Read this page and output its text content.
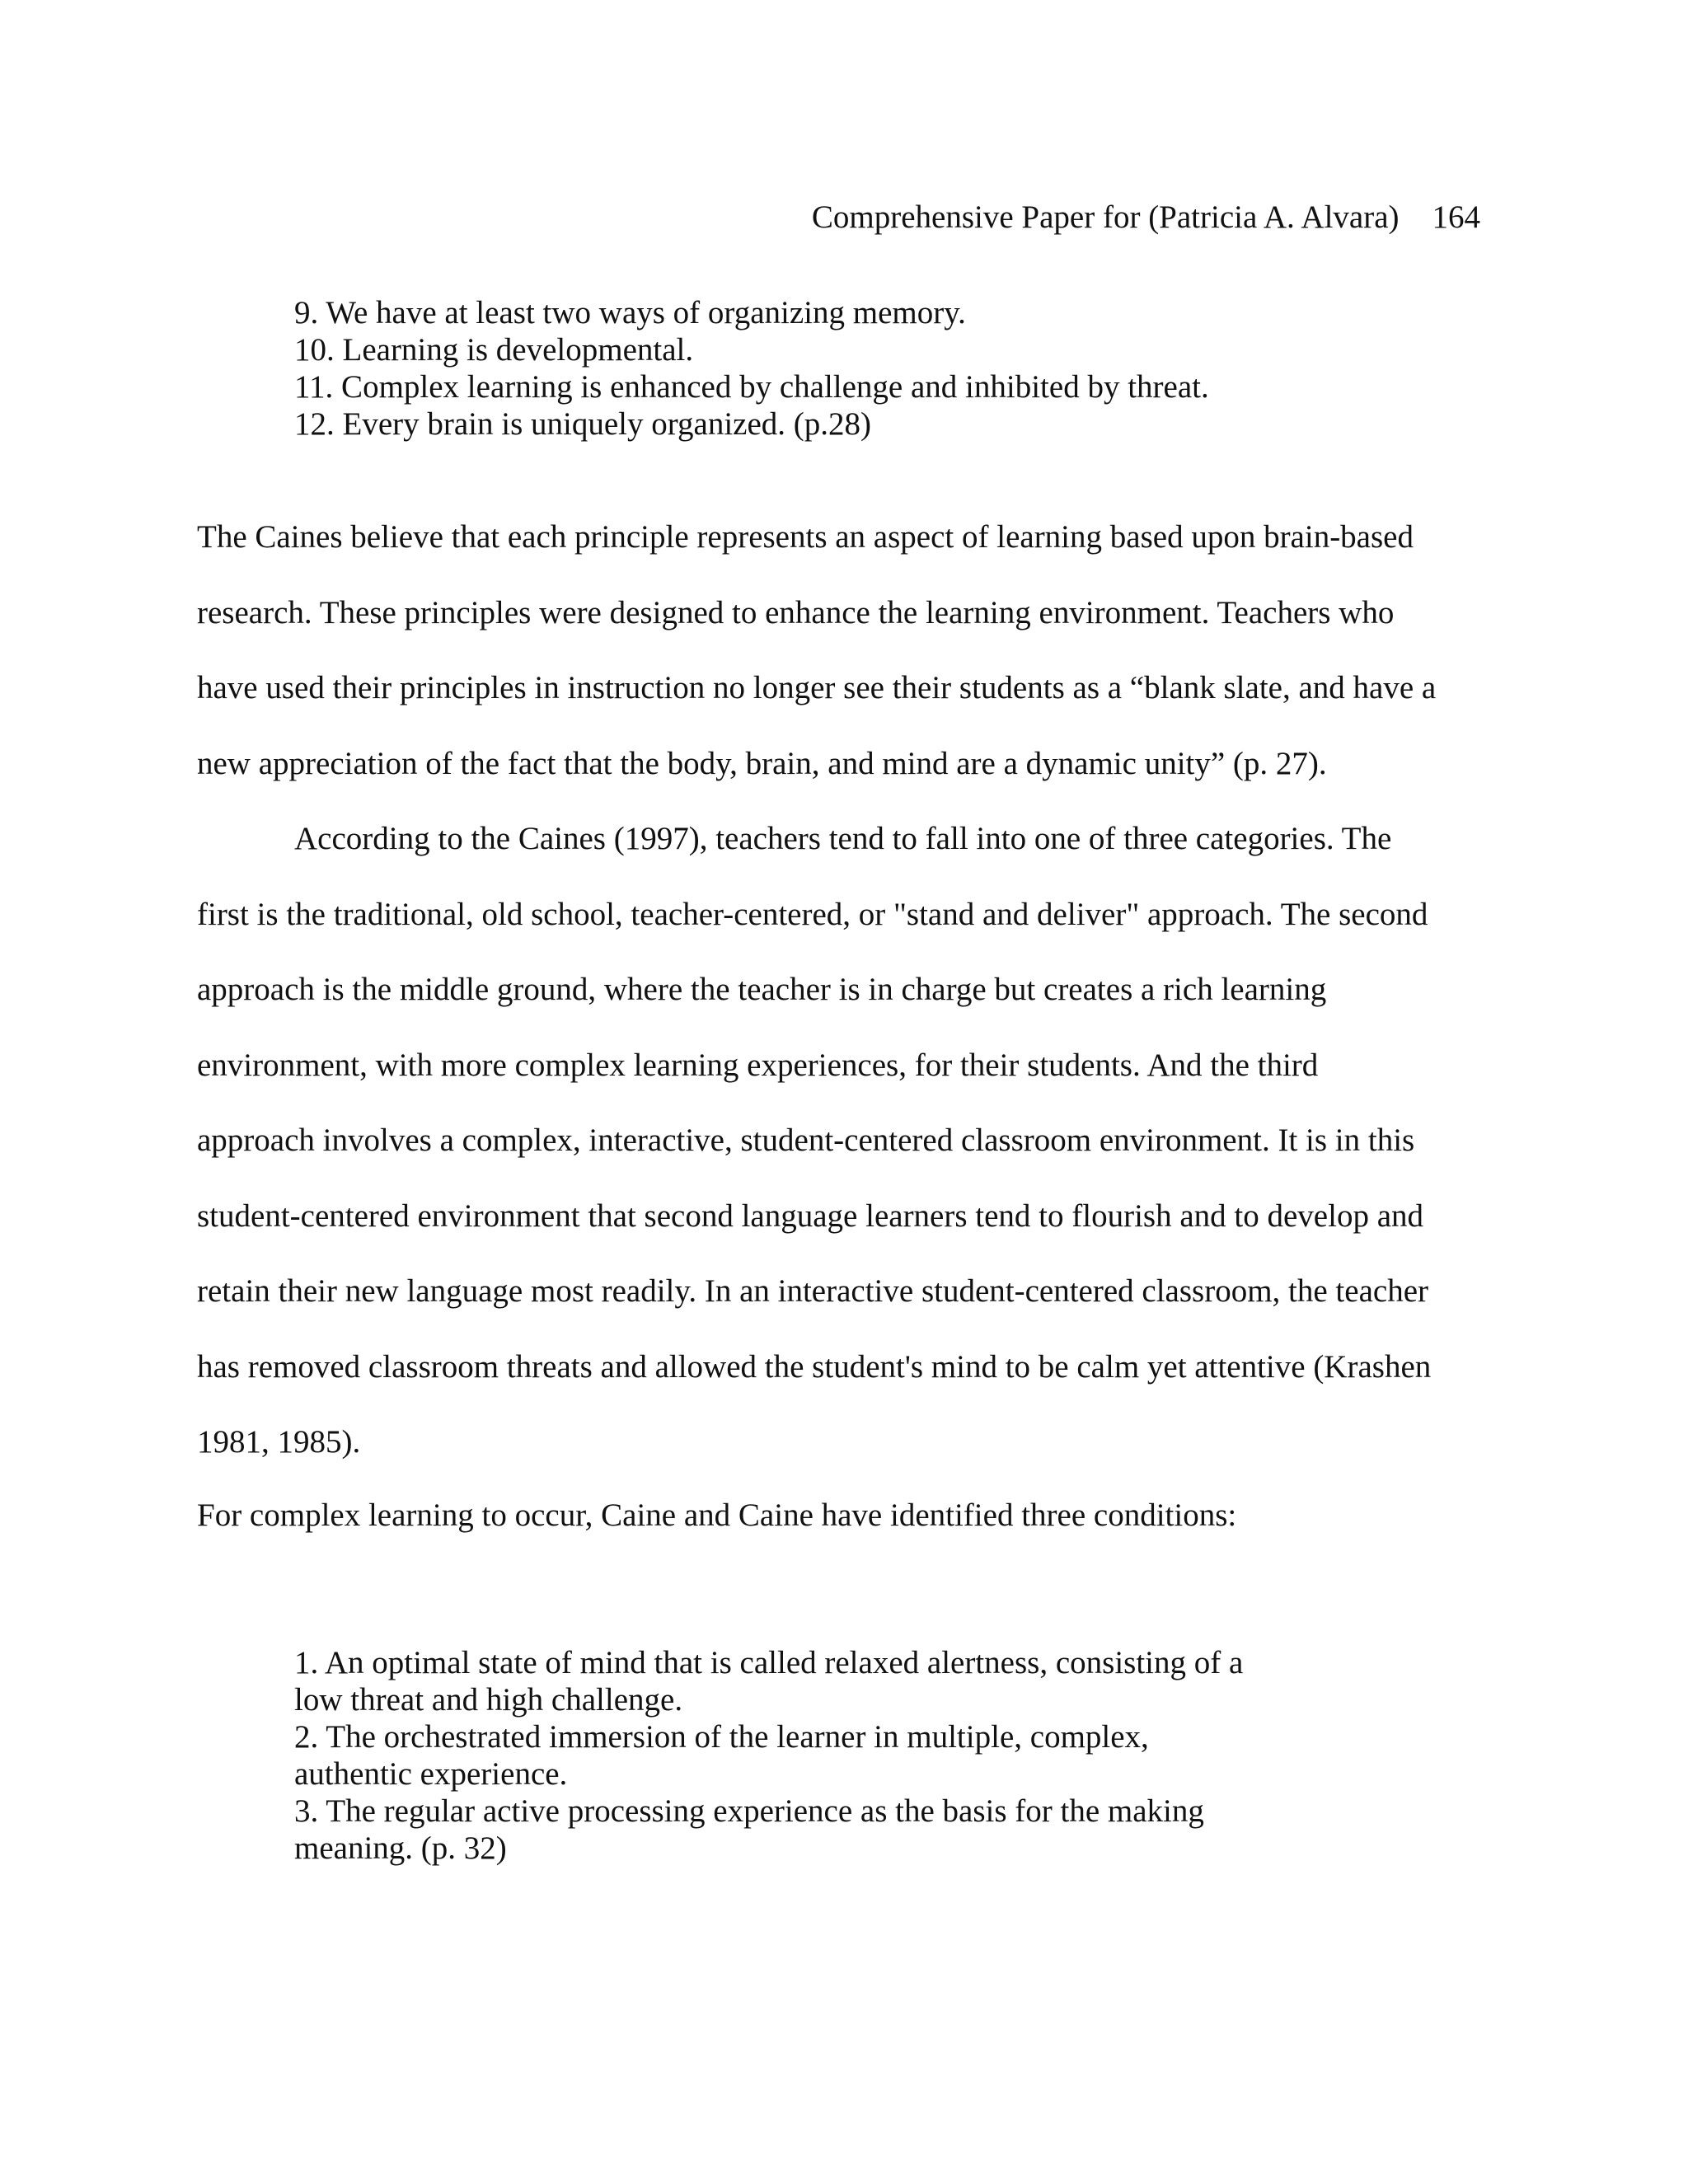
Comprehensive Paper for (Patricia A. Alvara) 164
9. We have at least two ways of organizing memory.
10. Learning is developmental.
11. Complex learning is enhanced by challenge and inhibited by threat.
12. Every brain is uniquely organized. (p.28)
The Caines believe that each principle represents an aspect of learning based upon brain-based
research. These principles were designed to enhance the learning environment. Teachers who
have used their principles in instruction no longer see their students as a “blank slate, and have a
new appreciation of the fact that the body, brain, and mind are a dynamic unity” (p. 27).
According to the Caines (1997), teachers tend to fall into one of three categories. The
first is the traditional, old school, teacher-centered, or "stand and deliver" approach. The second
approach is the middle ground, where the teacher is in charge but creates a rich learning
environment, with more complex learning experiences, for their students. And the third
approach involves a complex, interactive, student-centered classroom environment. It is in this
student-centered environment that second language learners tend to flourish and to develop and
retain their new language most readily. In an interactive student-centered classroom, the teacher
has removed classroom threats and allowed the student's mind to be calm yet attentive (Krashen
1981, 1985).
For complex learning to occur, Caine and Caine have identified three conditions:
1. An optimal state of mind that is called relaxed alertness, consisting of a
low threat and high challenge.
2. The orchestrated immersion of the learner in multiple, complex,
authentic experience.
3. The regular active processing experience as the basis for the making
meaning. (p. 32)
